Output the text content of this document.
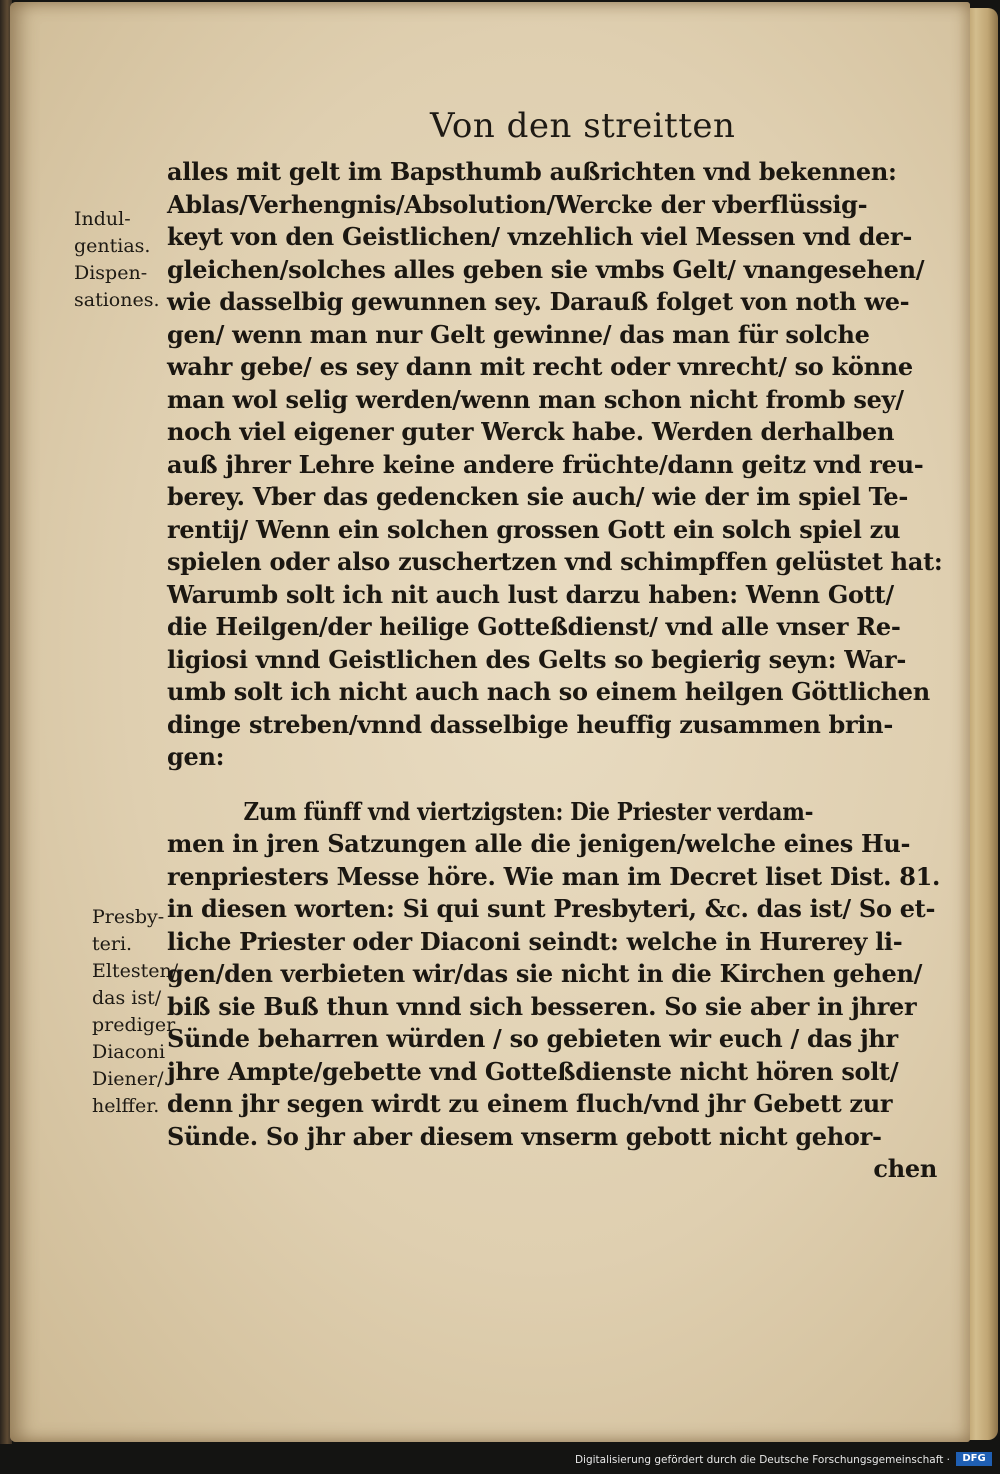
Von den streitten
Indul-
gentias.
Dispen-
sationes.
Presby-
teri.
Eltesten/
das ist/
prediger
Diaconi
Diener/
helffer.
alles mit gelt im Bapsthumb außrichten vnd bekennen:
Ablas/Verhengnis/Absolution/Wercke der vberflüssig-
keyt von den Geistlichen/ vnzehlich viel Messen vnd der-
gleichen/solches alles geben sie vmbs Gelt/ vnangesehen/
wie dasselbig gewunnen sey. Darauß folget von noth we-
gen/ wenn man nur Gelt gewinne/ das man für solche
wahr gebe/ es sey dann mit recht oder vnrecht/ so könne
man wol selig werden/wenn man schon nicht fromb sey/
noch viel eigener guter Werck habe. Werden derhalben
auß jhrer Lehre keine andere früchte/dann geitz vnd reu-
berey. Vber das gedencken sie auch/ wie der im spiel Te-
rentij/ Wenn ein solchen grossen Gott ein solch spiel zu
spielen oder also zuschertzen vnd schimpffen gelüstet hat:
Warumb solt ich nit auch lust darzu haben: Wenn Gott/
die Heilgen/der heilige Gotteßdienst/ vnd alle vnser Re-
ligiosi vnnd Geistlichen des Gelts so begierig seyn: War-
umb solt ich nicht auch nach so einem heilgen Göttlichen
dinge streben/vnnd dasselbige heuffig zusammen brin-
gen:
Zum fünff vnd viertzigsten: Die Priester verdam-
men in jren Satzungen alle die jenigen/welche eines Hu-
renpriesters Messe höre. Wie man im Decret liset Dist. 81.
in diesen worten: Si qui sunt Presbyteri, &c. das ist/ So et-
liche Priester oder Diaconi seindt: welche in Hurerey li-
gen/den verbieten wir/das sie nicht in die Kirchen gehen/
biß sie Buß thun vnnd sich besseren. So sie aber in jhrer
Sünde beharren würden / so gebieten wir euch / das jhr
jhre Ampte/gebette vnd Gotteßdienste nicht hören solt/
denn jhr segen wirdt zu einem fluch/vnd jhr Gebett zur
Sünde. So jhr aber diesem vnserm gebott nicht gehor-
chen
Digitalisierung gefördert durch die Deutsche Forschungsgemeinschaft ·	DFG
